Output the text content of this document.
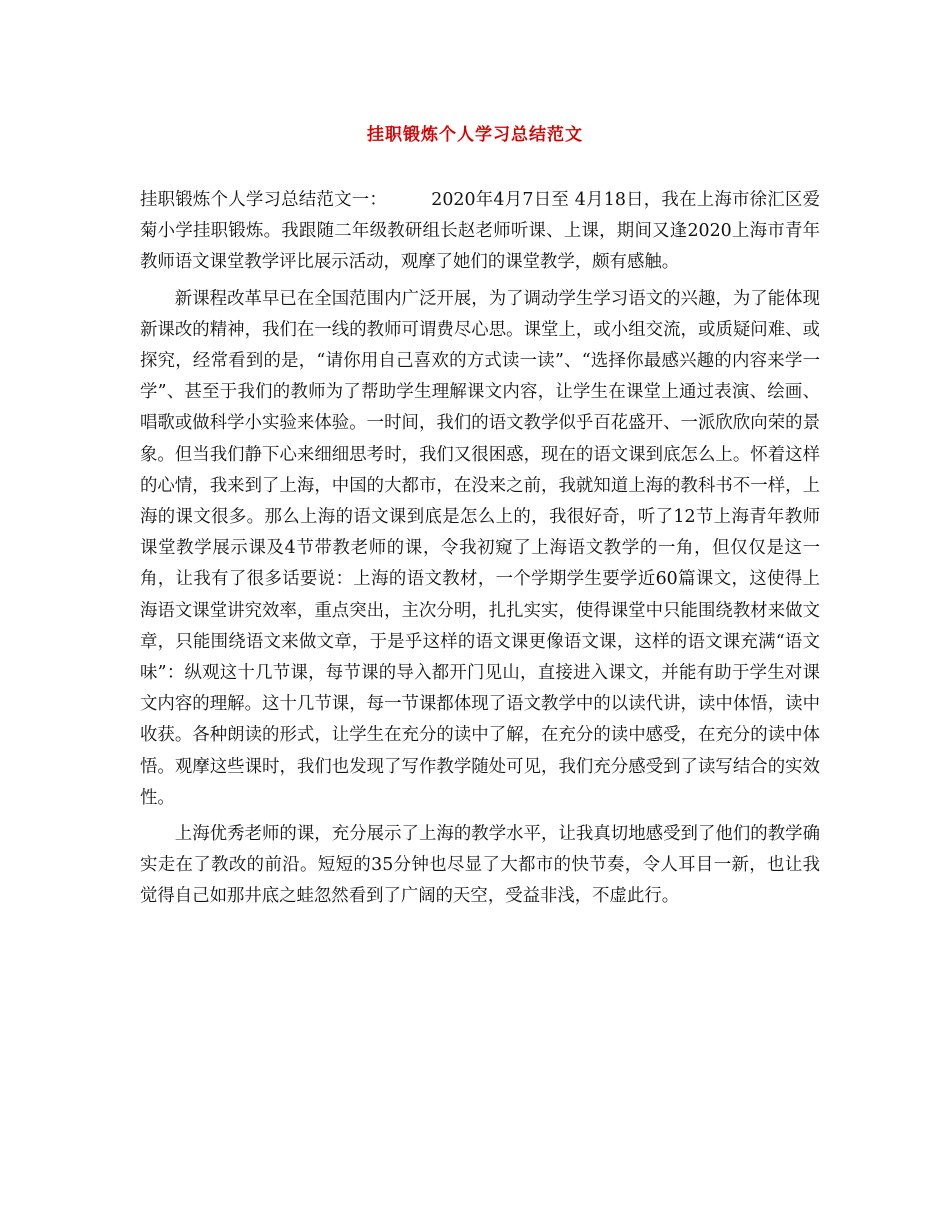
挂职锻炼个人学习总结范文

挂职锻炼个人学习总结范文一：　　　2020年4月7日至 4月18日，我在上海市徐汇区爱菊小学挂职锻炼。我跟随二年级教研组长赵老师听课、上课，期间又逢2020上海市青年教师语文课堂教学评比展示活动，观摩了她们的课堂教学，颇有感触。

新课程改革早已在全国范围内广泛开展，为了调动学生学习语文的兴趣，为了能体现新课改的精神，我们在一线的教师可谓费尽心思。课堂上，或小组交流，或质疑问难、或探究，经常看到的是，“请你用自己喜欢的方式读一读”、“选择你最感兴趣的内容来学一学”、甚至于我们的教师为了帮助学生理解课文内容，让学生在课堂上通过表演、绘画、唱歌或做科学小实验来体验。一时间，我们的语文教学似乎百花盛开、一派欣欣向荣的景象。但当我们静下心来细细思考时，我们又很困惑，现在的语文课到底怎么上。怀着这样的心情，我来到了上海，中国的大都市，在没来之前，我就知道上海的教科书不一样，上海的课文很多。那么上海的语文课到底是怎么上的，我很好奇，听了12节上海青年教师课堂教学展示课及4节带教老师的课，令我初窥了上海语文教学的一角，但仅仅是这一角，让我有了很多话要说：上海的语文教材，一个学期学生要学近60篇课文，这使得上海语文课堂讲究效率，重点突出，主次分明，扎扎实实，使得课堂中只能围绕教材来做文章，只能围绕语文来做文章，于是乎这样的语文课更像语文课，这样的语文课充满“语文味”：纵观这十几节课，每节课的导入都开门见山，直接进入课文，并能有助于学生对课文内容的理解。这十几节课，每一节课都体现了语文教学中的以读代讲，读中体悟，读中收获。各种朗读的形式，让学生在充分的读中了解，在充分的读中感受，在充分的读中体悟。观摩这些课时，我们也发现了写作教学随处可见，我们充分感受到了读写结合的实效性。

上海优秀老师的课，充分展示了上海的教学水平，让我真切地感受到了他们的教学确实走在了教改的前沿。短短的35分钟也尽显了大都市的快节奏，令人耳目一新，也让我觉得自己如那井底之蛙忽然看到了广阔的天空，受益非浅，不虚此行。
